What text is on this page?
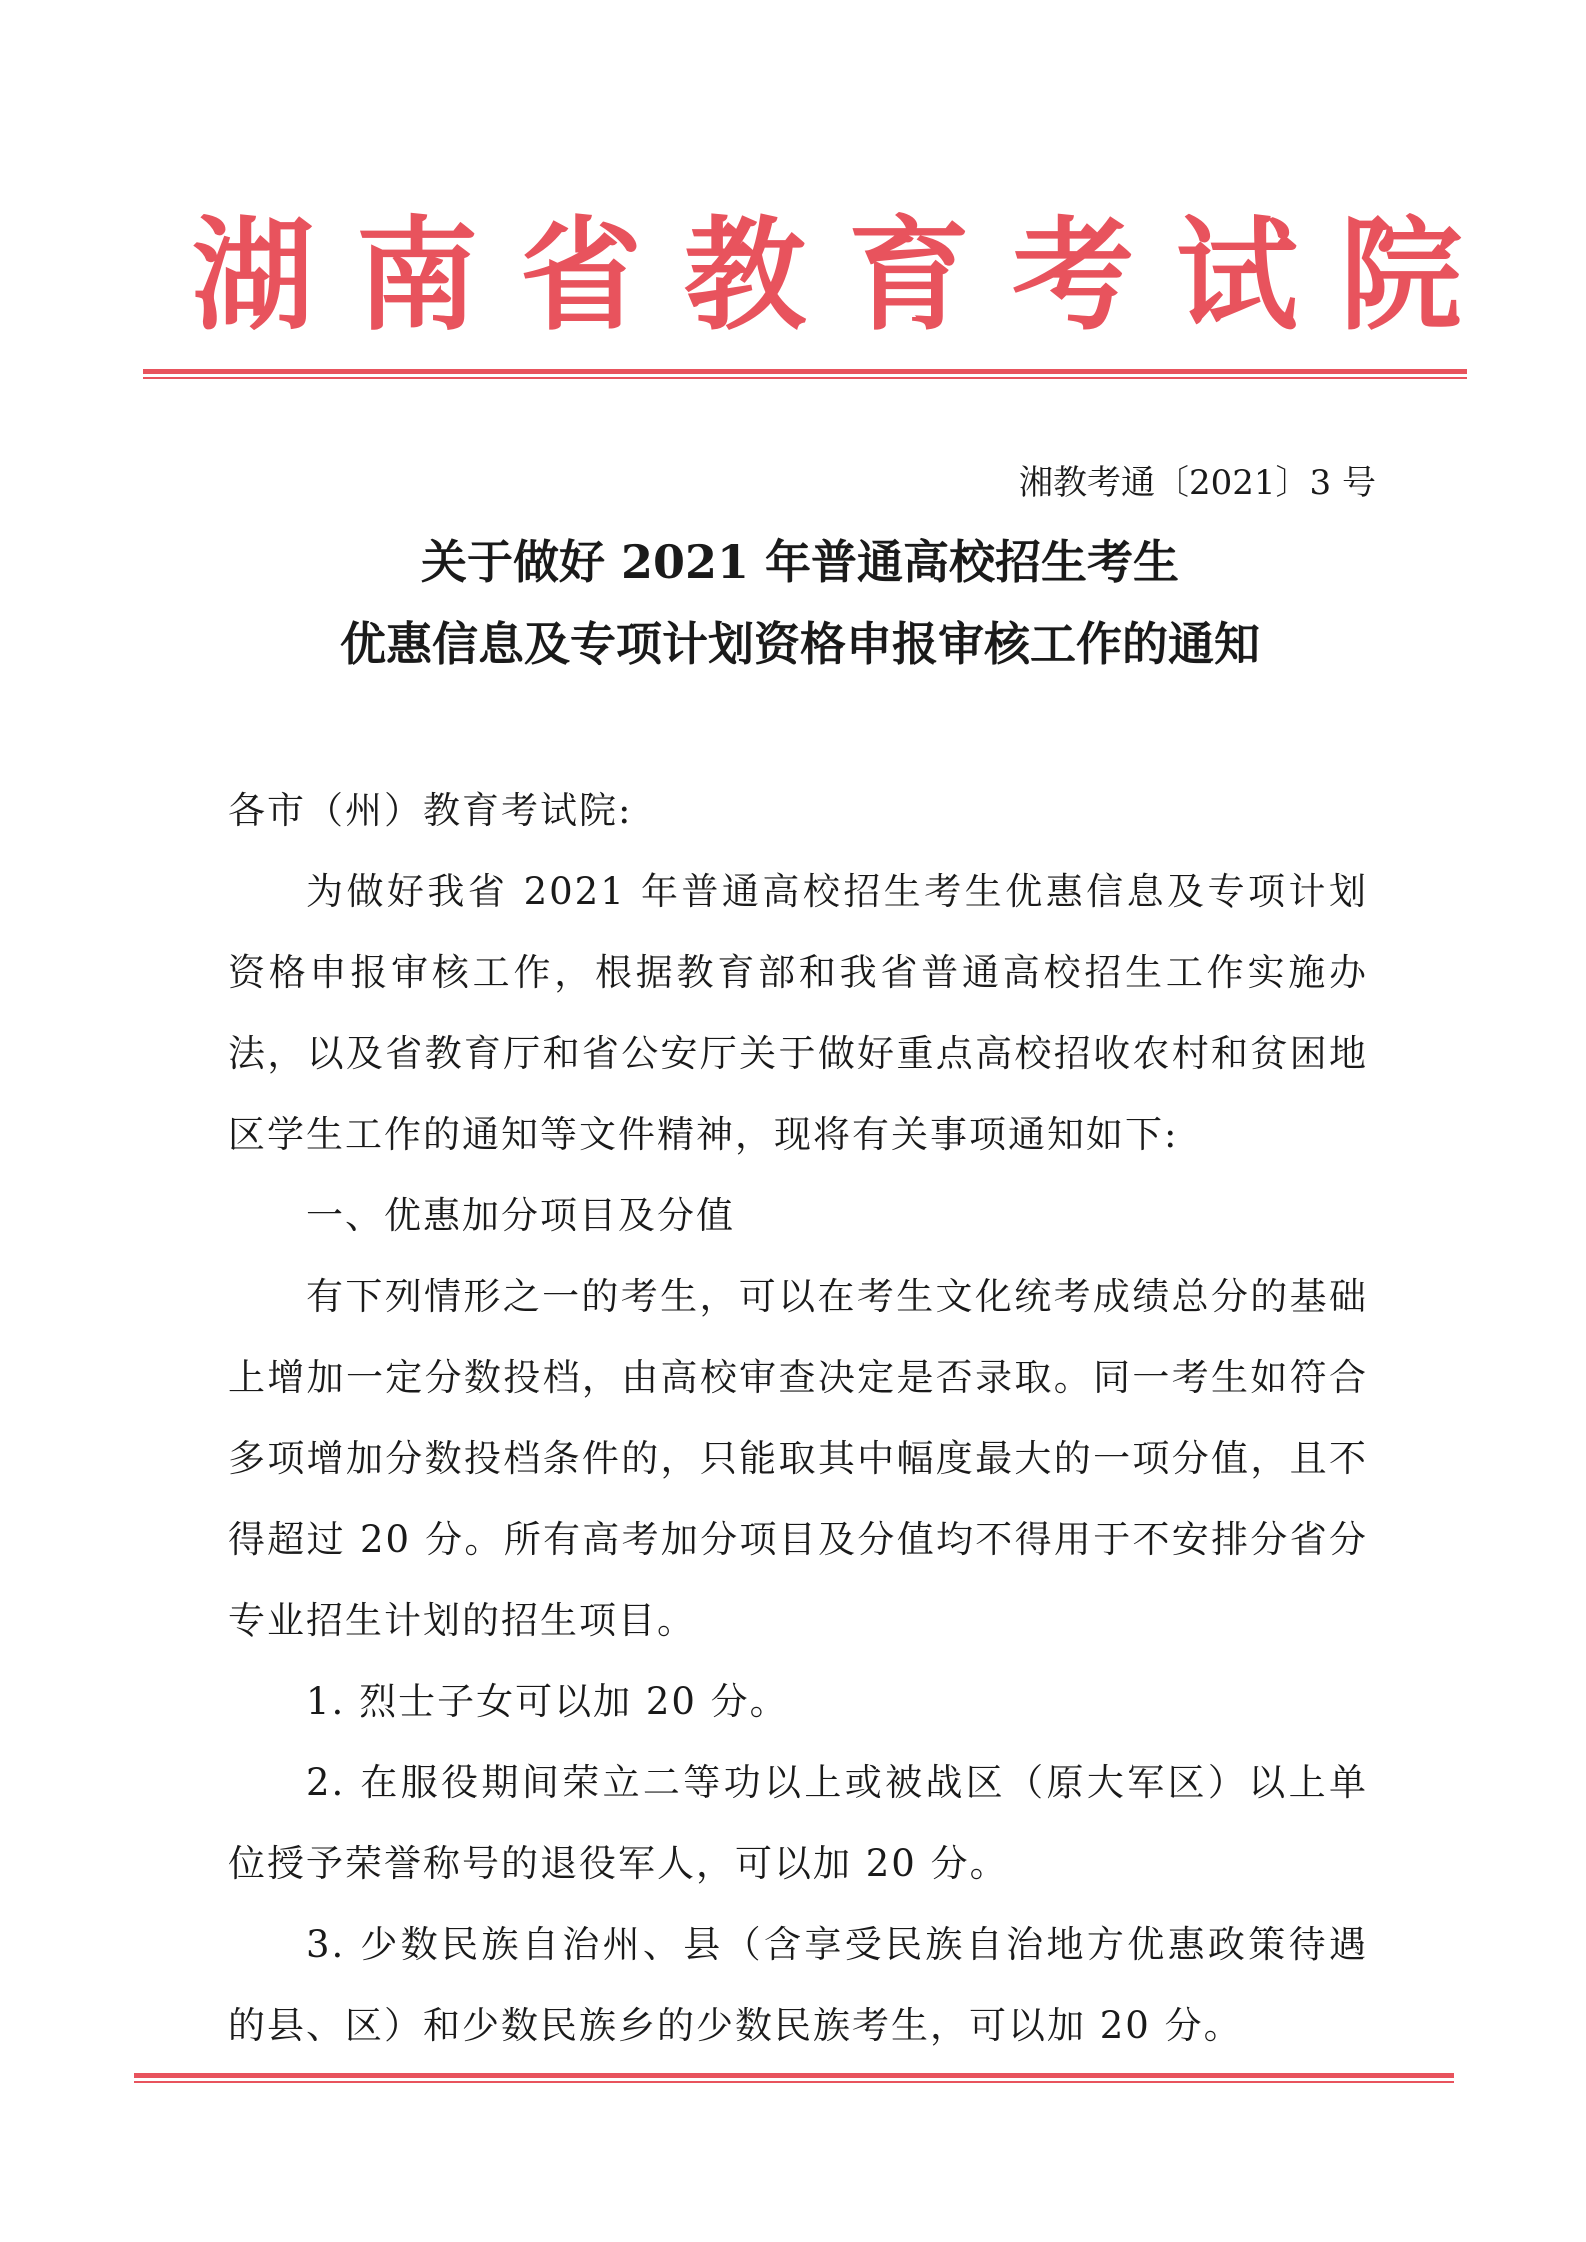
湖南省教育考试院
湘教考通〔2021〕3 号
关于做好 2021 年普通高校招生考生
优惠信息及专项计划资格申报审核工作的通知

各市（州）教育考试院:

为做好我省 2021 年普通高校招生考生优惠信息及专项计划资格申报审核工作，根据教育部和我省普通高校招生工作实施办法，以及省教育厅和省公安厅关于做好重点高校招收农村和贫困地区学生工作的通知等文件精神，现将有关事项通知如下:

一、优惠加分项目及分值

有下列情形之一的考生，可以在考生文化统考成绩总分的基础上增加一定分数投档，由高校审查决定是否录取。同一考生如符合多项增加分数投档条件的，只能取其中幅度最大的一项分值，且不得超过 20 分。所有高考加分项目及分值均不得用于不安排分省分专业招生计划的招生项目。

1. 烈士子女可以加 20 分。

2. 在服役期间荣立二等功以上或被战区（原大军区）以上单位授予荣誉称号的退役军人，可以加 20 分。

3. 少数民族自治州、县（含享受民族自治地方优惠政策待遇的县、区）和少数民族乡的少数民族考生，可以加 20 分。
